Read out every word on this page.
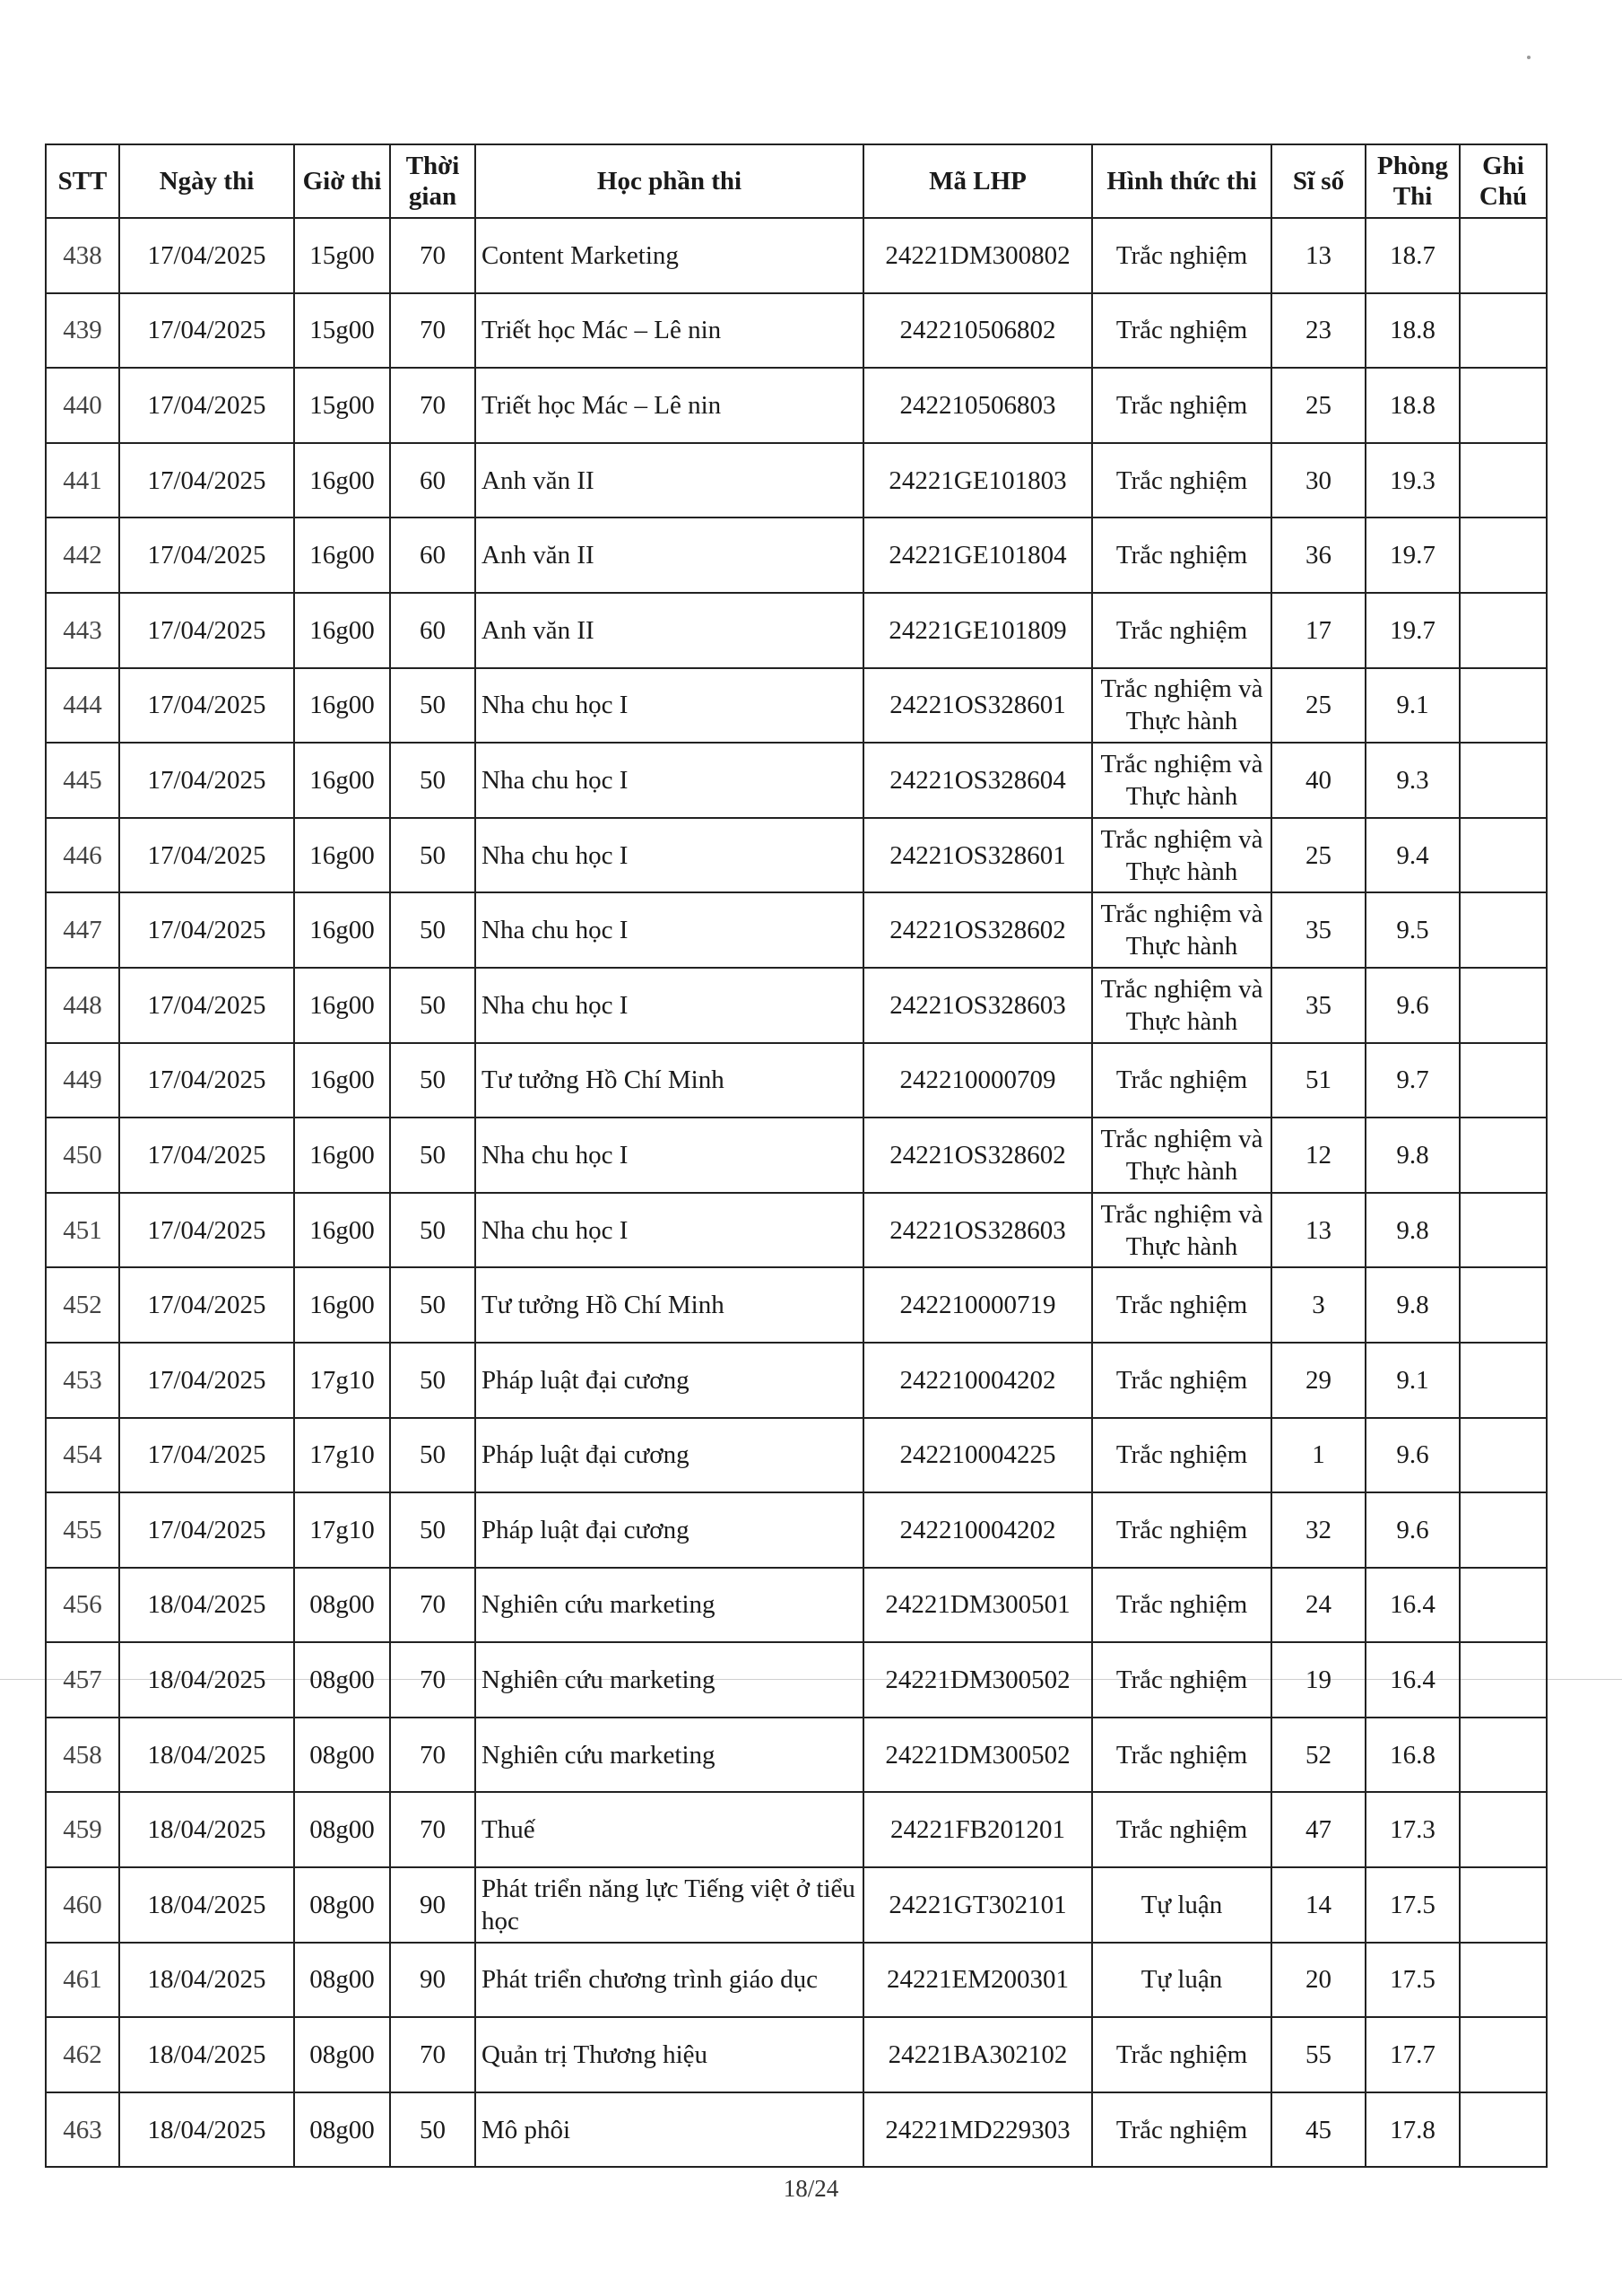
STT	Ngày thi	Giờ thi	Thời gian	Học phần thi	Mã LHP	Hình thức thi	Sĩ số	Phòng Thi	Ghi Chú
438	17/04/2025	15g00	70	Content Marketing	24221DM300802	Trắc nghiệm	13	18.7	
439	17/04/2025	15g00	70	Triết học Mác – Lê nin	242210506802	Trắc nghiệm	23	18.8	
440	17/04/2025	15g00	70	Triết học Mác – Lê nin	242210506803	Trắc nghiệm	25	18.8	
441	17/04/2025	16g00	60	Anh văn II	24221GE101803	Trắc nghiệm	30	19.3	
442	17/04/2025	16g00	60	Anh văn II	24221GE101804	Trắc nghiệm	36	19.7	
443	17/04/2025	16g00	60	Anh văn II	24221GE101809	Trắc nghiệm	17	19.7	
444	17/04/2025	16g00	50	Nha chu học I	24221OS328601	Trắc nghiệm và Thực hành	25	9.1	
445	17/04/2025	16g00	50	Nha chu học I	24221OS328604	Trắc nghiệm và Thực hành	40	9.3	
446	17/04/2025	16g00	50	Nha chu học I	24221OS328601	Trắc nghiệm và Thực hành	25	9.4	
447	17/04/2025	16g00	50	Nha chu học I	24221OS328602	Trắc nghiệm và Thực hành	35	9.5	
448	17/04/2025	16g00	50	Nha chu học I	24221OS328603	Trắc nghiệm và Thực hành	35	9.6	
449	17/04/2025	16g00	50	Tư tưởng Hồ Chí Minh	242210000709	Trắc nghiệm	51	9.7	
450	17/04/2025	16g00	50	Nha chu học I	24221OS328602	Trắc nghiệm và Thực hành	12	9.8	
451	17/04/2025	16g00	50	Nha chu học I	24221OS328603	Trắc nghiệm và Thực hành	13	9.8	
452	17/04/2025	16g00	50	Tư tưởng Hồ Chí Minh	242210000719	Trắc nghiệm	3	9.8	
453	17/04/2025	17g10	50	Pháp luật đại cương	242210004202	Trắc nghiệm	29	9.1	
454	17/04/2025	17g10	50	Pháp luật đại cương	242210004225	Trắc nghiệm	1	9.6	
455	17/04/2025	17g10	50	Pháp luật đại cương	242210004202	Trắc nghiệm	32	9.6	
456	18/04/2025	08g00	70	Nghiên cứu marketing	24221DM300501	Trắc nghiệm	24	16.4	
457	18/04/2025	08g00	70	Nghiên cứu marketing	24221DM300502	Trắc nghiệm	19	16.4	
458	18/04/2025	08g00	70	Nghiên cứu marketing	24221DM300502	Trắc nghiệm	52	16.8	
459	18/04/2025	08g00	70	Thuế	24221FB201201	Trắc nghiệm	47	17.3	
460	18/04/2025	08g00	90	Phát triển năng lực Tiếng việt ở tiểu học	24221GT302101	Tự luận	14	17.5	
461	18/04/2025	08g00	90	Phát triển chương trình giáo dục	24221EM200301	Tự luận	20	17.5	
462	18/04/2025	08g00	70	Quản trị Thương hiệu	24221BA302102	Trắc nghiệm	55	17.7	
463	18/04/2025	08g00	50	Mô phôi	24221MD229303	Trắc nghiệm	45	17.8	
18/24
